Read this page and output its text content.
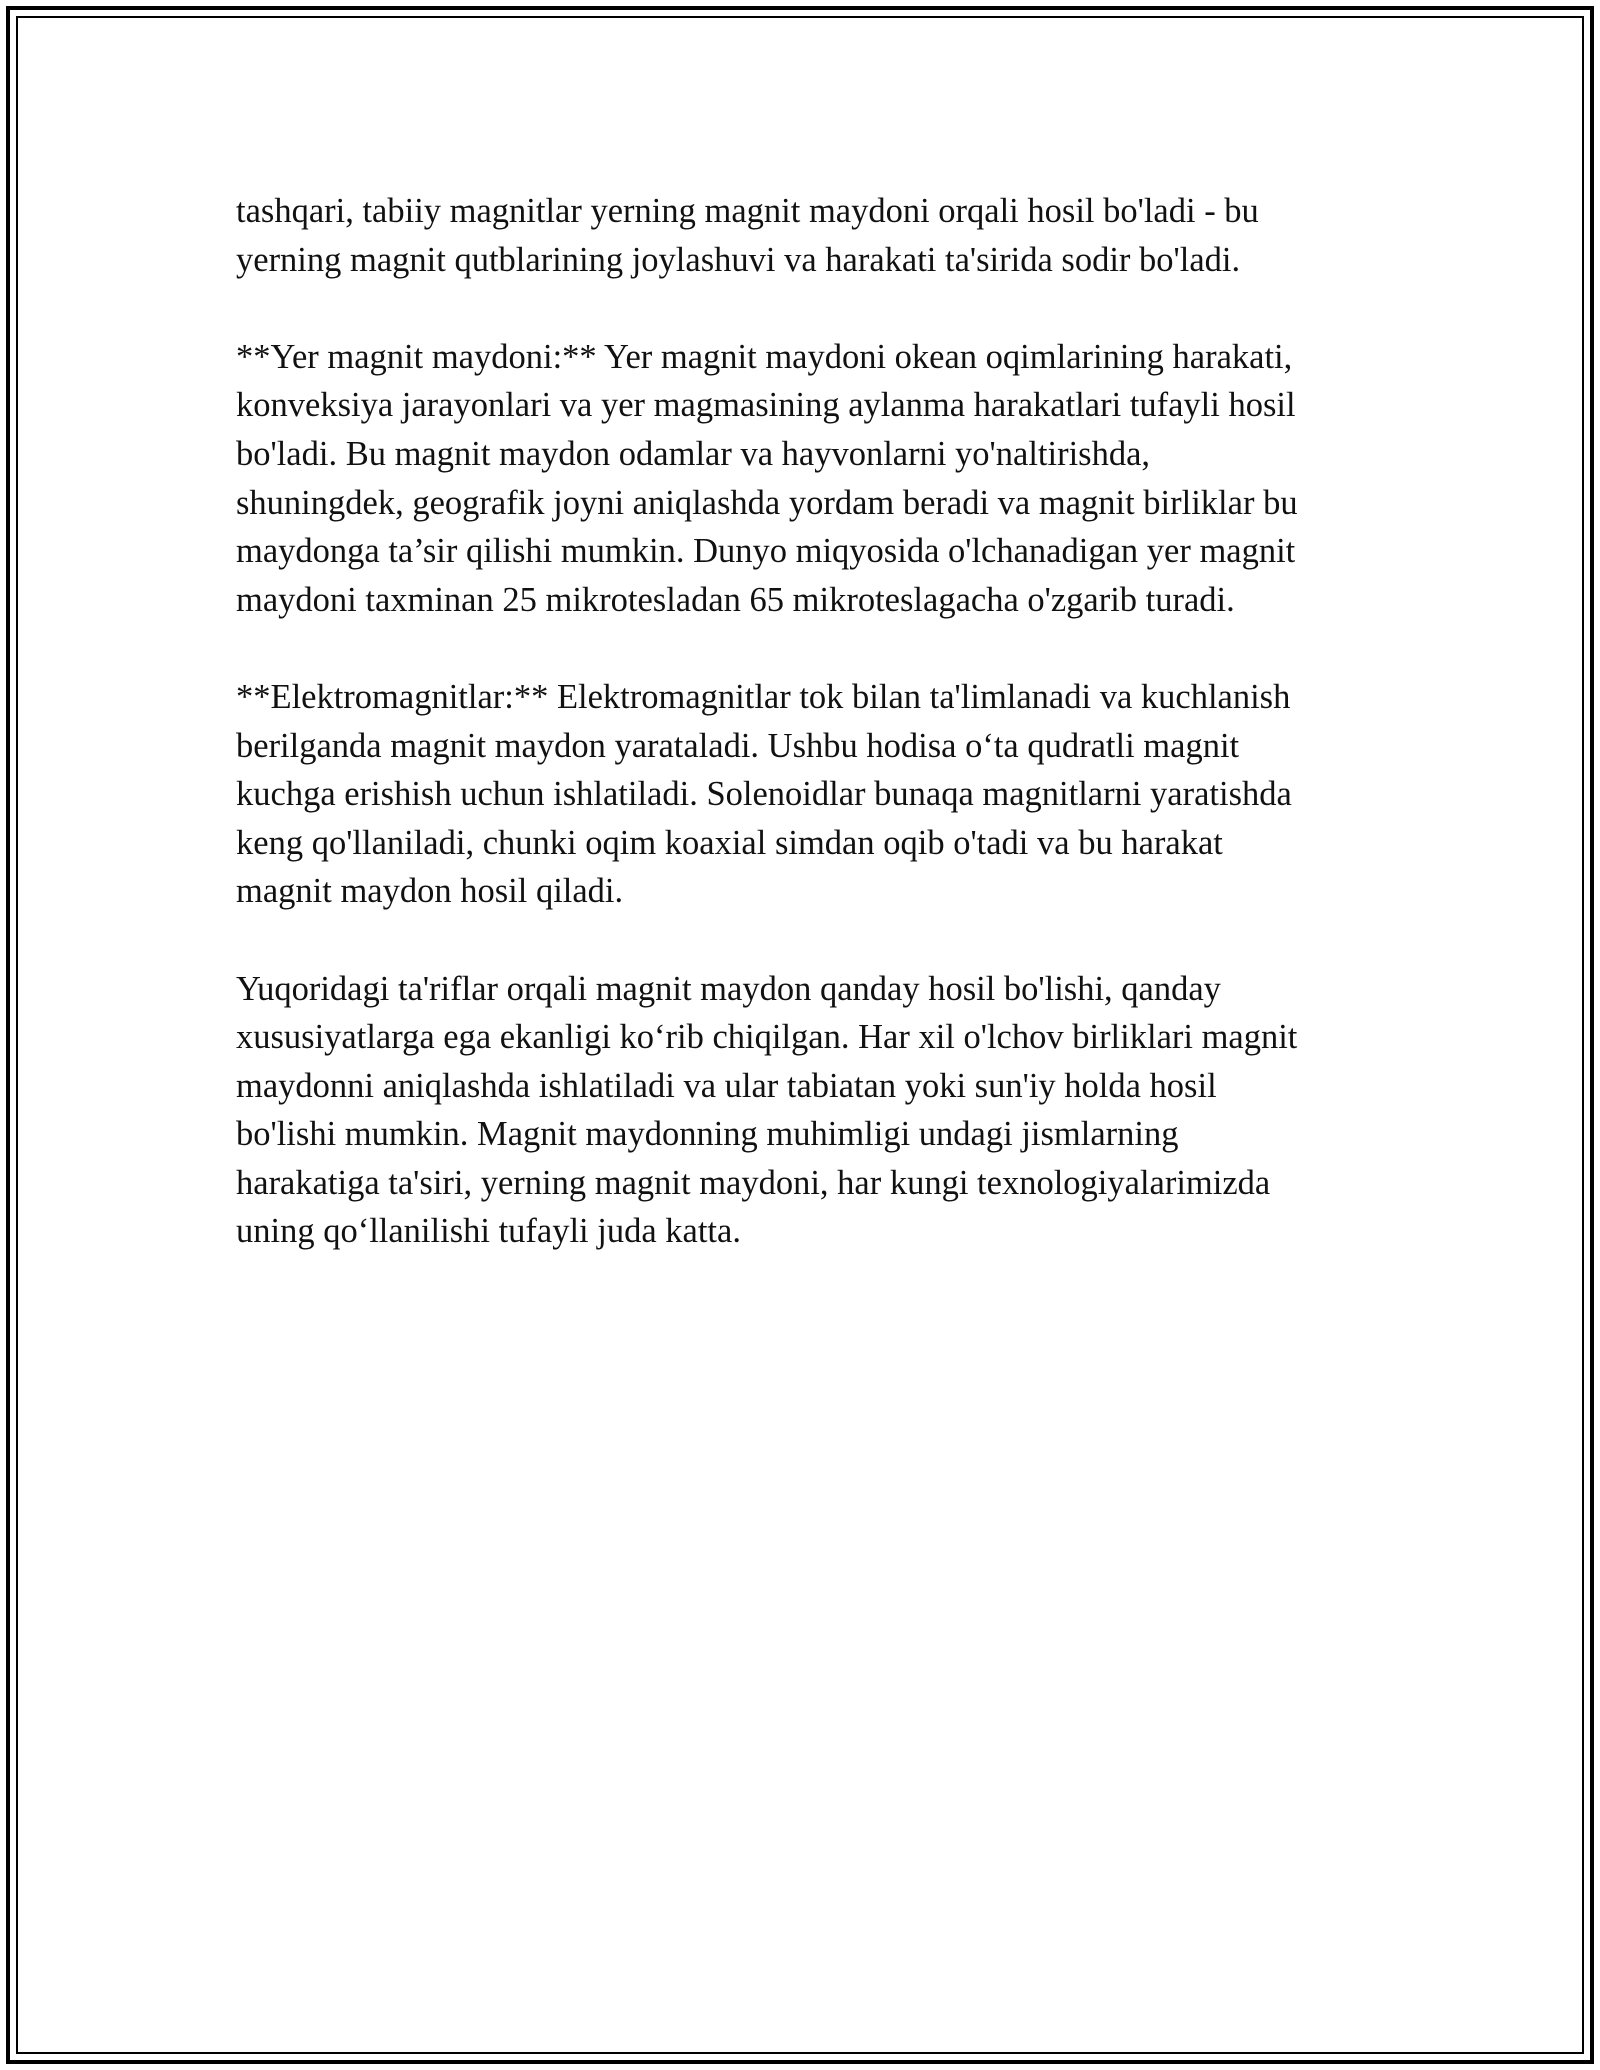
tashqari, tabiiy magnitlar yerning magnit maydoni orqali hosil bo'ladi - bu
yerning magnit qutblarining joylashuvi va harakati ta'sirida sodir bo'ladi.

**Yer magnit maydoni:** Yer magnit maydoni okean oqimlarining harakati,
konveksiya jarayonlari va yer magmasining aylanma harakatlari tufayli hosil
bo'ladi. Bu magnit maydon odamlar va hayvonlarni yo'naltirishda,
shuningdek, geografik joyni aniqlashda yordam beradi va magnit birliklar bu
maydonga ta’sir qilishi mumkin. Dunyo miqyosida o'lchanadigan yer magnit
maydoni taxminan 25 mikrotesladan 65 mikroteslagacha o'zgarib turadi.

**Elektromagnitlar:** Elektromagnitlar tok bilan ta'limlanadi va kuchlanish
berilganda magnit maydon yarataladi. Ushbu hodisa o‘ta qudratli magnit
kuchga erishish uchun ishlatiladi. Solenoidlar bunaqa magnitlarni yaratishda
keng qo'llaniladi, chunki oqim koaxial simdan oqib o'tadi va bu harakat
magnit maydon hosil qiladi.

Yuqoridagi ta'riflar orqali magnit maydon qanday hosil bo'lishi, qanday
xususiyatlarga ega ekanligi ko‘rib chiqilgan. Har xil o'lchov birliklari magnit
maydonni aniqlashda ishlatiladi va ular tabiatan yoki sun'iy holda hosil
bo'lishi mumkin. Magnit maydonning muhimligi undagi jismlarning
harakatiga ta'siri, yerning magnit maydoni, har kungi texnologiyalarimizda
uning qo‘llanilishi tufayli juda katta.
